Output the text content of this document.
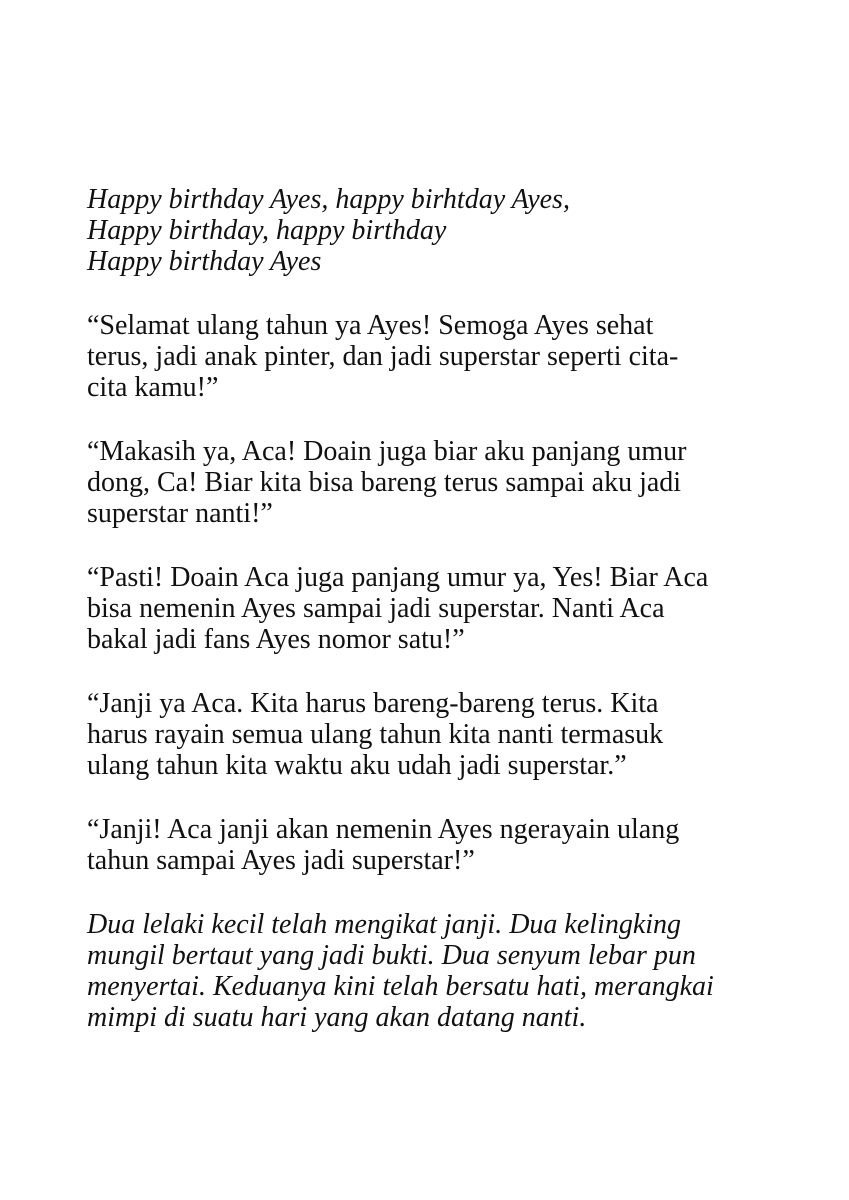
Happy birthday Ayes, happy birhtday Ayes,
Happy birthday, happy birthday
Happy birthday Ayes
“Selamat ulang tahun ya Ayes! Semoga Ayes sehat
terus, jadi anak pinter, dan jadi superstar seperti cita-
cita kamu!”
“Makasih ya, Aca! Doain juga biar aku panjang umur
dong, Ca! Biar kita bisa bareng terus sampai aku jadi
superstar nanti!”
“Pasti! Doain Aca juga panjang umur ya, Yes! Biar Aca
bisa nemenin Ayes sampai jadi superstar. Nanti Aca
bakal jadi fans Ayes nomor satu!”
“Janji ya Aca. Kita harus bareng-bareng terus. Kita
harus rayain semua ulang tahun kita nanti termasuk
ulang tahun kita waktu aku udah jadi superstar.”
“Janji! Aca janji akan nemenin Ayes ngerayain ulang
tahun sampai Ayes jadi superstar!”
Dua lelaki kecil telah mengikat janji. Dua kelingking
mungil bertaut yang jadi bukti. Dua senyum lebar pun
menyertai. Keduanya kini telah bersatu hati, merangkai
mimpi di suatu hari yang akan datang nanti.
